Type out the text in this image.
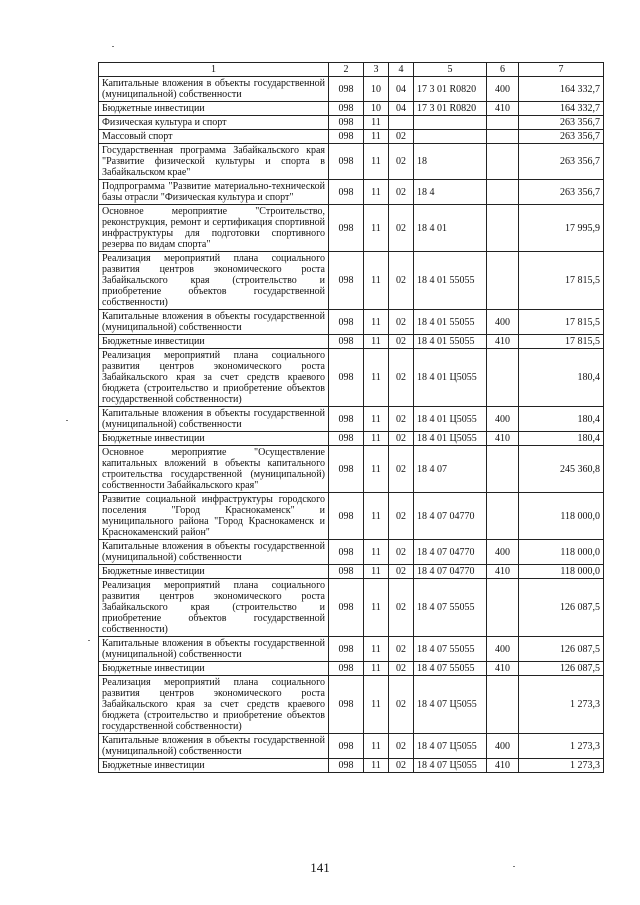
1	2	3	4	5	6	7
Капитальные вложения в объекты государственной (муниципальной) собственности	098	10	04	17 3 01 R0820	400	164 332,7
Бюджетные инвестиции	098	10	04	17 3 01 R0820	410	164 332,7
Физическая культура и спорт	098	11				263 356,7
Массовый спорт	098	11	02			263 356,7
Государственная программа Забайкальского края "Развитие физической культуры и спорта в Забайкальском крае"	098	11	02	18		263 356,7
Подпрограмма "Развитие материально-технической базы отрасли "Физическая культура и спорт"	098	11	02	18 4		263 356,7
Основное мероприятие "Строительство, реконструкция, ремонт и сертификация спортивной инфраструктуры для подготовки спортивного резерва по видам спорта"	098	11	02	18 4 01		17 995,9
Реализация мероприятий плана социального развития центров экономического роста Забайкальского края (строительство и приобретение объектов государственной собственности)	098	11	02	18 4 01 55055		17 815,5
Капитальные вложения в объекты государственной (муниципальной) собственности	098	11	02	18 4 01 55055	400	17 815,5
Бюджетные инвестиции	098	11	02	18 4 01 55055	410	17 815,5
Реализация мероприятий плана социального развития центров экономического роста Забайкальского края за счет средств краевого бюджета (строительство и приобретение объектов государственной собственности)	098	11	02	18 4 01 Ц5055		180,4
Капитальные вложения в объекты государственной (муниципальной) собственности	098	11	02	18 4 01 Ц5055	400	180,4
Бюджетные инвестиции	098	11	02	18 4 01 Ц5055	410	180,4
Основное мероприятие "Осуществление капитальных вложений в объекты капитального строительства государственной (муниципальной) собственности Забайкальского края"	098	11	02	18 4 07		245 360,8
Развитие социальной инфраструктуры городского поселения "Город Краснокаменск" и муниципального района "Город Краснокаменск и Краснокаменский район"	098	11	02	18 4 07 04770		118 000,0
Капитальные вложения в объекты государственной (муниципальной) собственности	098	11	02	18 4 07 04770	400	118 000,0
Бюджетные инвестиции	098	11	02	18 4 07 04770	410	118 000,0
Реализация мероприятий плана социального развития центров экономического роста Забайкальского края (строительство и приобретение объектов государственной собственности)	098	11	02	18 4 07 55055		126 087,5
Капитальные вложения в объекты государственной (муниципальной) собственности	098	11	02	18 4 07 55055	400	126 087,5
Бюджетные инвестиции	098	11	02	18 4 07 55055	410	126 087,5
Реализация мероприятий плана социального развития центров экономического роста Забайкальского края за счет средств краевого бюджета (строительство и приобретение объектов государственной собственности)	098	11	02	18 4 07 Ц5055		1 273,3
Капитальные вложения в объекты государственной (муниципальной) собственности	098	11	02	18 4 07 Ц5055	400	1 273,3
Бюджетные инвестиции	098	11	02	18 4 07 Ц5055	410	1 273,3
141
